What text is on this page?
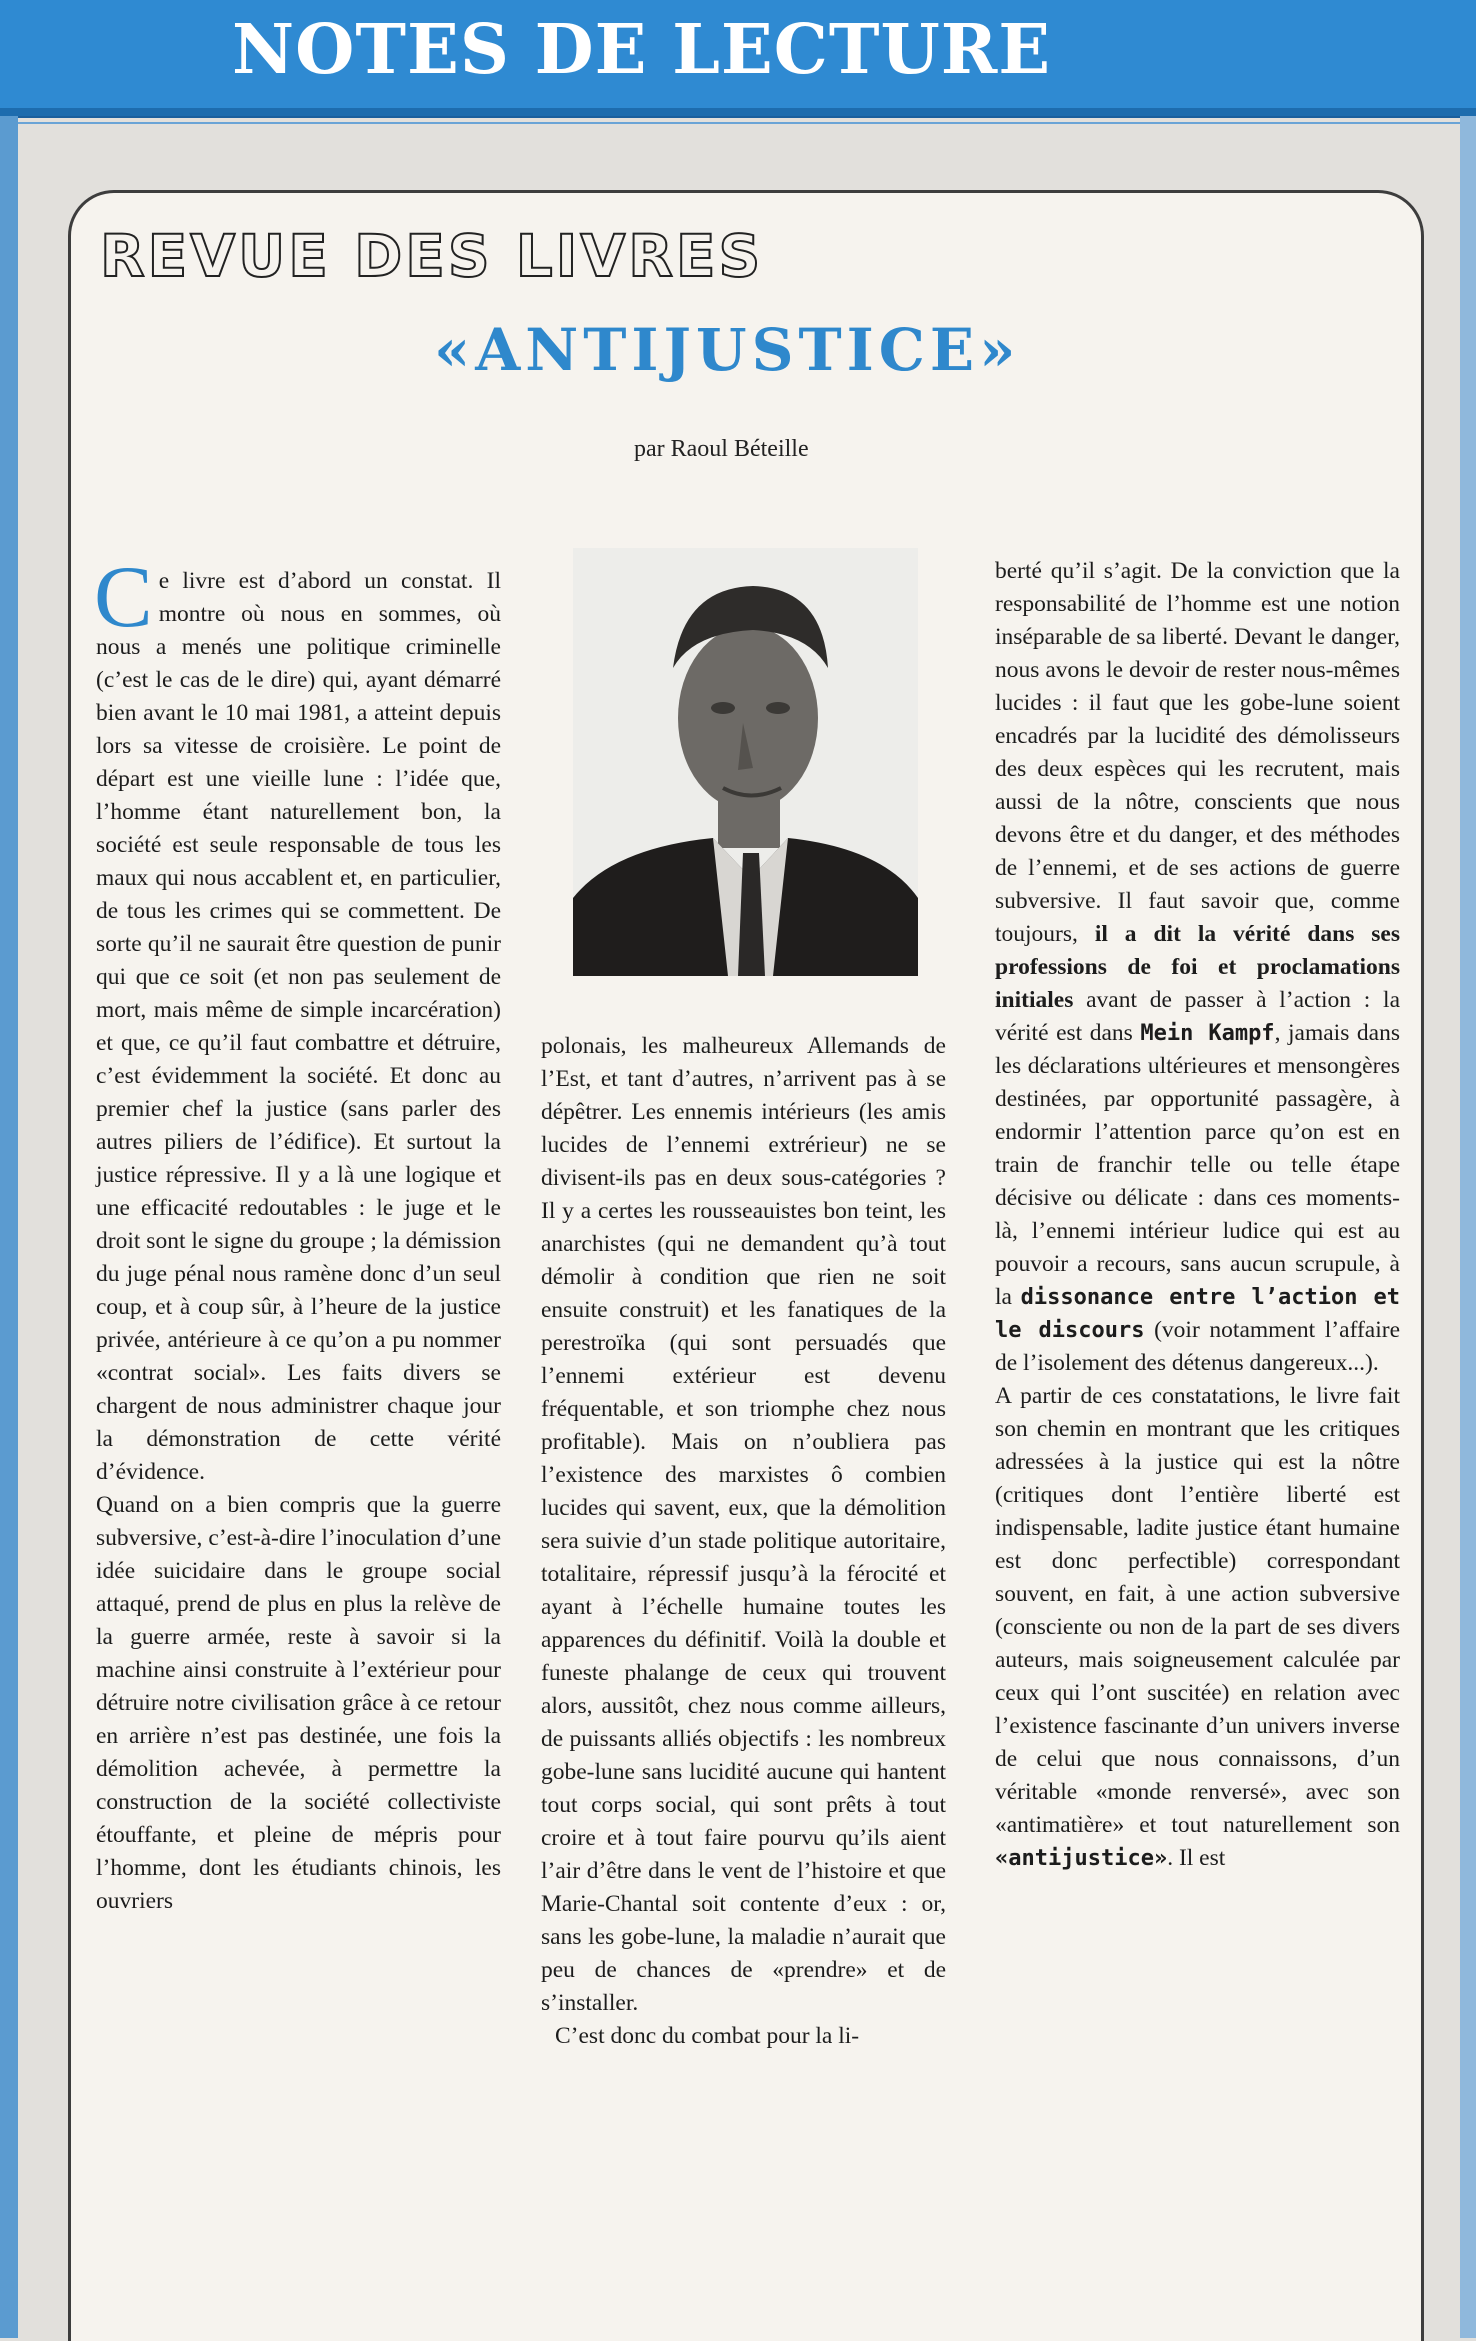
NOTES DE LECTURE
REVUE DES LIVRES
«ANTIJUSTICE»
par Raoul Béteille

Ce livre est d’abord un constat. Il montre où nous en sommes, où nous a menés une politique criminelle (c’est le cas de le dire) qui, ayant démarré bien avant le 10 mai 1981, a atteint depuis lors sa vitesse de croisière. Le point de départ est une vieille lune : l’idée que, l’homme étant naturellement bon, la société est seule responsable de tous les maux qui nous accablent et, en particulier, de tous les crimes qui se commettent. De sorte qu’il ne saurait être question de punir qui que ce soit (et non pas seulement de mort, mais même de simple incarcération) et que, ce qu’il faut combattre et détruire, c’est évidemment la société. Et donc au premier chef la justice (sans parler des autres piliers de l’édifice). Et surtout la justice répressive. Il y a là une logique et une efficacité redoutables : le juge et le droit sont le signe du groupe ; la démission du juge pénal nous ramène donc d’un seul coup, et à coup sûr, à l’heure de la justice privée, antérieure à ce qu’on a pu nommer «contrat social». Les faits divers se chargent de nous administrer chaque jour la démonstration de cette vérité d’évidence.

Quand on a bien compris que la guerre subversive, c’est-à-dire l’inoculation d’une idée suicidaire dans le groupe social attaqué, prend de plus en plus la relève de la guerre armée, reste à savoir si la machine ainsi construite à l’extérieur pour détruire notre civilisation grâce à ce retour en arrière n’est pas destinée, une fois la démolition achevée, à permettre la construction de la société collectiviste étouffante, et pleine de mépris pour l’homme, dont les étudiants chinois, les ouvriers

polonais, les malheureux Allemands de l’Est, et tant d’autres, n’arrivent pas à se dépêtrer. Les ennemis intérieurs (les amis lucides de l’ennemi extrérieur) ne se divisent-ils pas en deux sous-catégories ? Il y a certes les rousseauistes bon teint, les anarchistes (qui ne demandent qu’à tout démolir à condition que rien ne soit ensuite construit) et les fanatiques de la perestroïka (qui sont persuadés que l’ennemi extérieur est devenu fréquentable, et son triomphe chez nous profitable). Mais on n’oubliera pas l’existence des marxistes ô combien lucides qui savent, eux, que la démolition sera suivie d’un stade politique autoritaire, totalitaire, répressif jusqu’à la férocité et ayant à l’échelle humaine toutes les apparences du définitif. Voilà la double et funeste phalange de ceux qui trouvent alors, aussitôt, chez nous comme ailleurs, de puissants alliés objectifs : les nombreux gobe-lune sans lucidité aucune qui hantent tout corps social, qui sont prêts à tout croire et à tout faire pourvu qu’ils aient l’air d’être dans le vent de l’histoire et que Marie-Chantal soit contente d’eux : or, sans les gobe-lune, la maladie n’aurait que peu de chances de «prendre» et de s’installer.

C’est donc du combat pour la li-

berté qu’il s’agit. De la conviction que la responsabilité de l’homme est une notion inséparable de sa liberté. Devant le danger, nous avons le devoir de rester nous-mêmes lucides : il faut que les gobe-lune soient encadrés par la lucidité des démolisseurs des deux espèces qui les recrutent, mais aussi de la nôtre, conscients que nous devons être et du danger, et des méthodes de l’ennemi, et de ses actions de guerre subversive. Il faut savoir que, comme toujours, il a dit la vérité dans ses professions de foi et proclamations initiales avant de passer à l’action : la vérité est dans Mein Kampf, jamais dans les déclarations ultérieures et mensongères destinées, par opportunité passagère, à endormir l’attention parce qu’on est en train de franchir telle ou telle étape décisive ou délicate : dans ces moments-là, l’ennemi intérieur ludice qui est au pouvoir a recours, sans aucun scrupule, à la dissonance entre l’action et le discours (voir notamment l’affaire de l’isolement des détenus dangereux...).

A partir de ces constatations, le livre fait son chemin en montrant que les critiques adressées à la justice qui est la nôtre (critiques dont l’entière liberté est indispensable, ladite justice étant humaine est donc perfectible) correspondant souvent, en fait, à une action subversive (consciente ou non de la part de ses divers auteurs, mais soigneusement calculée par ceux qui l’ont suscitée) en relation avec l’existence fascinante d’un univers inverse de celui que nous connaissons, d’un véritable «monde renversé», avec son «antimatière» et tout naturellement son «antijustice». Il est
